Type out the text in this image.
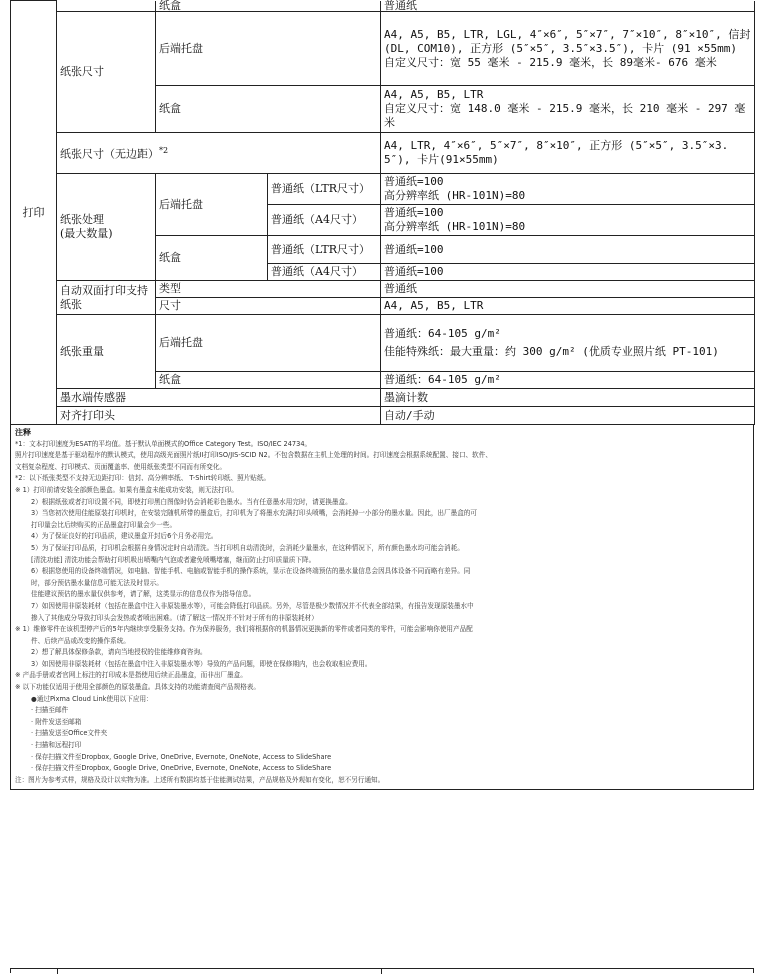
打印		纸盒		普通纸
	纸张尺寸	后端托盘		A4, A5, B5, LTR, LGL, 4″×6″, 5″×7″, 7″×10″, 8″×10″, 信封 (DL, COM10), 正方形 (5″×5″, 3.5″×3.5″), 卡片 (91 ×55mm)
自定义尺寸：宽 55 毫米 - 215.9 毫米，长 89毫米- 676 毫米

		纸盒		A4, A5, B5, LTR
自定义尺寸：宽 148.0 毫米 - 215.9 毫米，长 210 毫米 - 297 毫米

	纸张尺寸（无边距）$^{*2}$			A4, LTR, 4″×6″, 5″×7″, 8″×10″, 正方形 (5″×5″, 3.5″×3.5″), 卡片(91×55mm)
	纸张处理
(最大数量)	后端托盘	普通纸（LTR尺寸）	普通纸=100
高分辨率纸 (HR-101N)=80
			普通纸（A4尺寸）	普通纸=100
高分辨率纸 (HR-101N)=80
		纸盒	普通纸（LTR尺寸）	普通纸=100
			普通纸（A4尺寸）	普通纸=100
	自动双面打印支持纸张	类型		普通纸
		尺寸		A4, A5, B5, LTR
	纸张重量	后端托盘		普通纸：64-105 g/m²
佳能特殊纸：最大重量：约 300 g/m² (优质专业照片纸 PT-101)

		纸盒		普通纸：64-105 g/m²
	墨水端传感器			墨滴计数
	对齐打印头			自动/手动
注释

*1：文本打印速度为ESAT的平均值。基于默认单面模式的Office Category Test。ISO/IEC 24734。

照片打印速度是基于驱动程序的默认模式，使用高级光面照片纸II打印ISO/JIS-SCID N2。不包含数据在主机上处理的时间。打印速度会根据系统配置、接口、软件、

文档复杂程度、打印模式、页面覆盖率、使用纸张类型不同而有所变化。

*2：以下纸张类型不支持无边距打印：信封、高分辨率纸、 T-Shirt转印纸、照片贴纸。

※ 1）打印前请安装全部颜色墨盒。如果有墨盒未能成功安装，则无法打印。

2）根据纸张或者打印设置不同，即使打印黑白图像时仍会消耗彩色墨水。当有任意墨水用完时，请更换墨盒。

3）当您初次使用佳能原装打印机时，在安装完随机所带的墨盒后，打印机为了将墨水充满打印头喷嘴，会消耗掉一小部分的墨水量。因此，出厂墨盒的可

打印量会比后续购买的正品墨盒打印量会少一些。

4）为了保证良好的打印品质，建议墨盒开封后6个月务必用完。

5）为了保证打印品质，打印机会根据自身情况定时自动清洗。当打印机自动清洗时，会消耗少量墨水，在这种情况下，所有颜色墨水均可能会消耗。

[清洗功能] 清洗功能会帮助打印机吸出喷嘴内气泡或者避免喷嘴堵塞，继而防止打印质量质下降。

6）根据您使用的设备终端情况，如电脑、智能手机、电脑或智能手机的操作系统，显示在设备终端预估的墨水量信息会因具体设备不同而略有差异。同

时，部分预估墨水量信息可能无法及时显示。

佳能建议预估的墨水量仅供参考，请了解，这类显示的信息仅作为指导信息。

7）如因使用非原装耗材（包括在墨盒中注入非原装墨水等），可能会降低打印品质。另外，尽管是极少数情况并不代表全部结果，有报告发现原装墨水中

掺入了其他成分导致打印头会发热或者喷出困难。（请了解这一情况并不针对于所有的非原装耗材）

※ 1）维修零件在该机型停产后的5年内继续享受服务支持。作为保养服务，我们将根据你的机器情况更换新的零件或者同类的零件，可能会影响你使用产品配

件、后续产品或改变的操作系统。

2）想了解具体保修条款，请向当地授权的佳能维修商咨询。

3）如因使用非原装耗材（包括在墨盒中注入非原装墨水等）导致的产品问题，即使在保修期内，也会收取相应费用。

※ 产品手册或者官网上标注的打印成本是指使用后续正品墨盒，而非出厂墨盒。

※ 以下功能仅适用于使用全部颜色的原装墨盒。具体支持的功能请查阅产品规格表。

●通过Pixma Cloud Link使用以下应用：

· 扫描至邮件

· 附件发送至邮箱

· 扫描发送至Office文件夹

· 扫描和远程打印

· 保存扫描文件至Dropbox, Google Drive, OneDrive, Evernote, OneNote, Access to SlideShare

· 保存扫描文件至Dropbox, Google Drive, OneDrive, Evernote, OneNote, Access to SlideShare

注：图片为参考式样，规格及设计以实物为准。上述所有数据均基于佳能测试结果，产品规格及外观如有变化，恕不另行通知。
